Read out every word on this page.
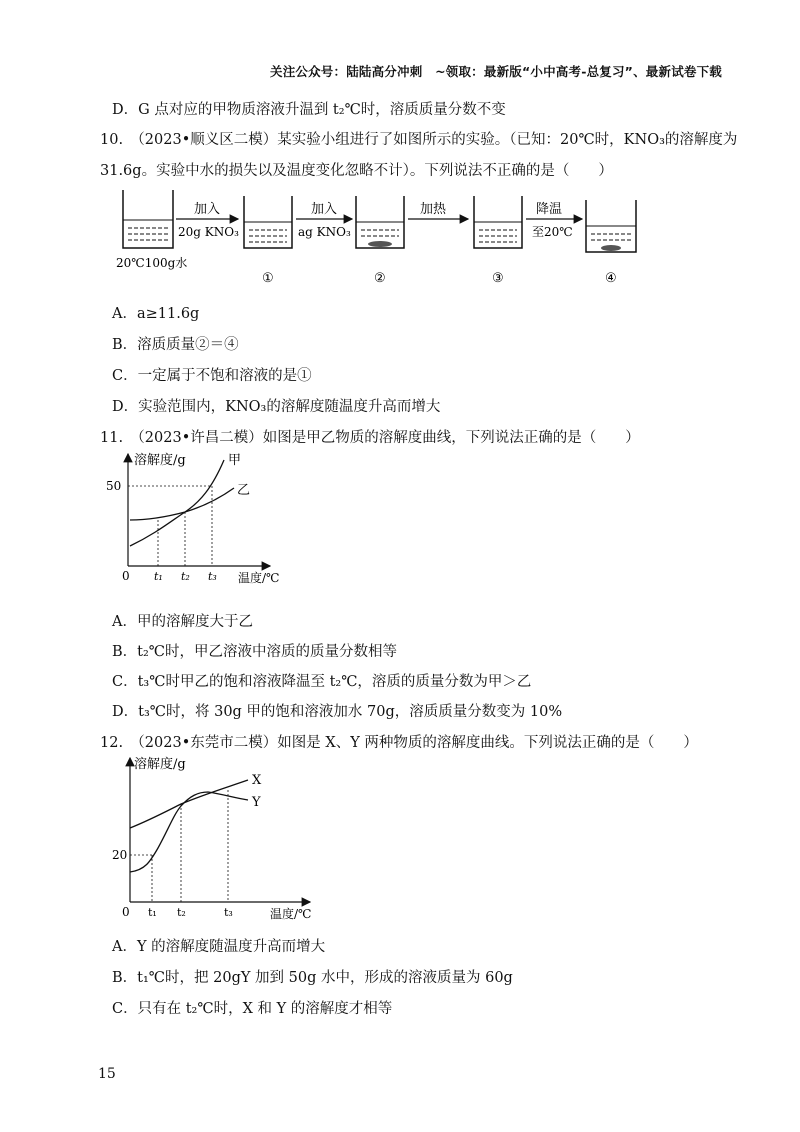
关注公众号：陆陆高分冲刺　~领取：最新版“小中高考-总复习”、最新试卷下载
D．G 点对应的甲物质溶液升温到 t₂℃时，溶质质量分数不变
10.　（2023•顺义区二模）某实验小组进行了如图所示的实验。（已知：20℃时，KNO₃的溶解度为
31.6g。实验中水的损失以及温度变化忽略不计）。下列说法不正确的是（　　）
20℃100g水
加入
20g KNO₃
①
加入
ag KNO₃
②
加热
③
降温
至20℃
④
A．a≥11.6g
B．溶质质量②＝④
C．一定属于不饱和溶液的是①
D．实验范围内，KNO₃的溶解度随温度升高而增大
11.　（2023•许昌二模）如图是甲乙物质的溶解度曲线，下列说法正确的是（　　）
溶解度/g
温度/℃
0
50
甲
乙
t₁ t₂ t₃
A．甲的溶解度大于乙
B．t₂℃时，甲乙溶液中溶质的质量分数相等
C．t₃℃时甲乙的饱和溶液降温至 t₂℃，溶质的质量分数为甲＞乙
D．t₃℃时，将 30g 甲的饱和溶液加水 70g，溶质质量分数变为 10%
12.　（2023•东莞市二模）如图是 X、Y 两种物质的溶解度曲线。下列说法正确的是（　　）
溶解度/g
温度/℃
0
20
X
Y
t₁ t₂	t₃
A．Y 的溶解度随温度升高而增大
B．t₁℃时，把 20gY 加到 50g 水中，形成的溶液质量为 60g
C．只有在 t₂℃时，X 和 Y 的溶解度才相等
15
